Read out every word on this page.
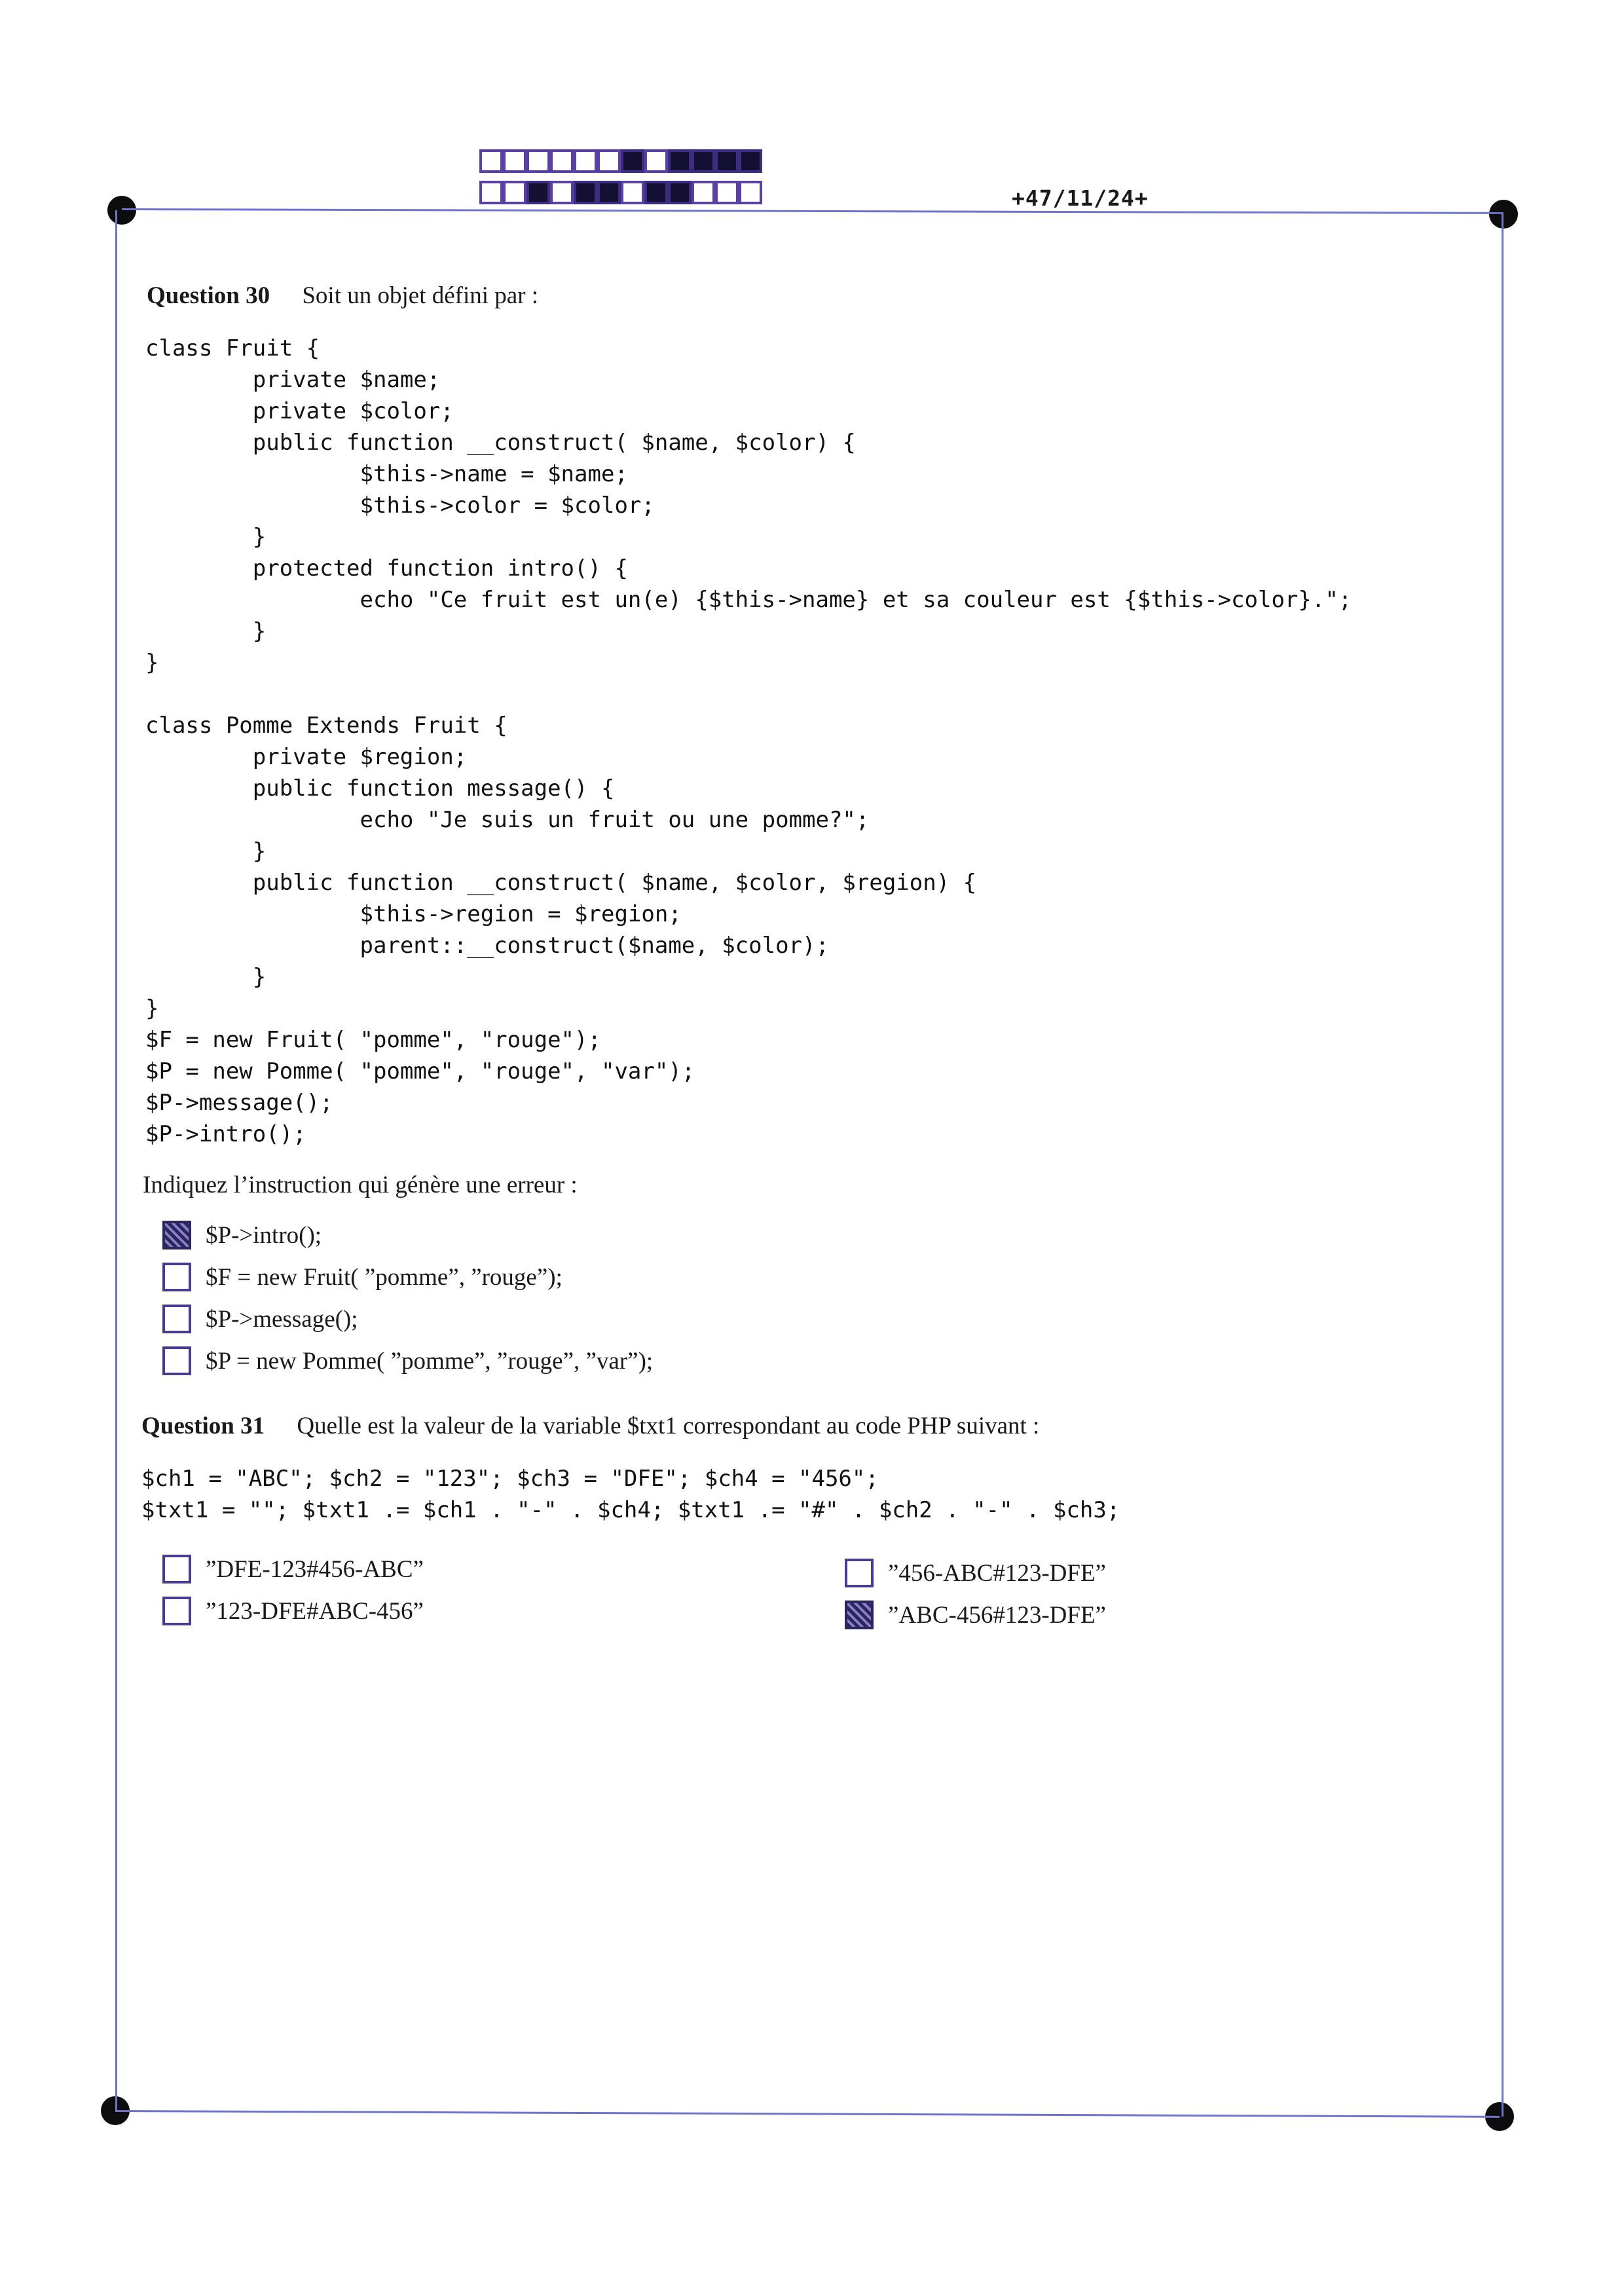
+47/11/24+
Question 30 Soit un objet défini par :
class Fruit {
private $name;
private $color;
public function __construct( $name, $color) {
$this->name = $name;
$this->color = $color;
}
protected function intro() {
echo "Ce fruit est un(e) {$this->name} et sa couleur est {$this->color}.";
}
}

class Pomme Extends Fruit {
private $region;
public function message() {
echo "Je suis un fruit ou une pomme?";
}
public function __construct( $name, $color, $region) {
$this->region = $region;
parent::__construct($name, $color);
}
}
$F = new Fruit( "pomme", "rouge");
$P = new Pomme( "pomme", "rouge", "var");
$P->message();
$P->intro();
Indiquez l’instruction qui génère une erreur :
$P->intro();
$F = new Fruit( ”pomme”, ”rouge”);
$P->message();
$P = new Pomme( ”pomme”, ”rouge”, ”var”);
Question 31 Quelle est la valeur de la variable $txt1 correspondant au code PHP suivant :
$ch1 = "ABC"; $ch2 = "123"; $ch3 = "DFE"; $ch4 = "456";
$txt1 = ""; $txt1 .= $ch1 . "-" . $ch4; $txt1 .= "#" . $ch2 . "-" . $ch3;
”DFE-123#456-ABC”
”123-DFE#ABC-456”
”456-ABC#123-DFE”
”ABC-456#123-DFE”
